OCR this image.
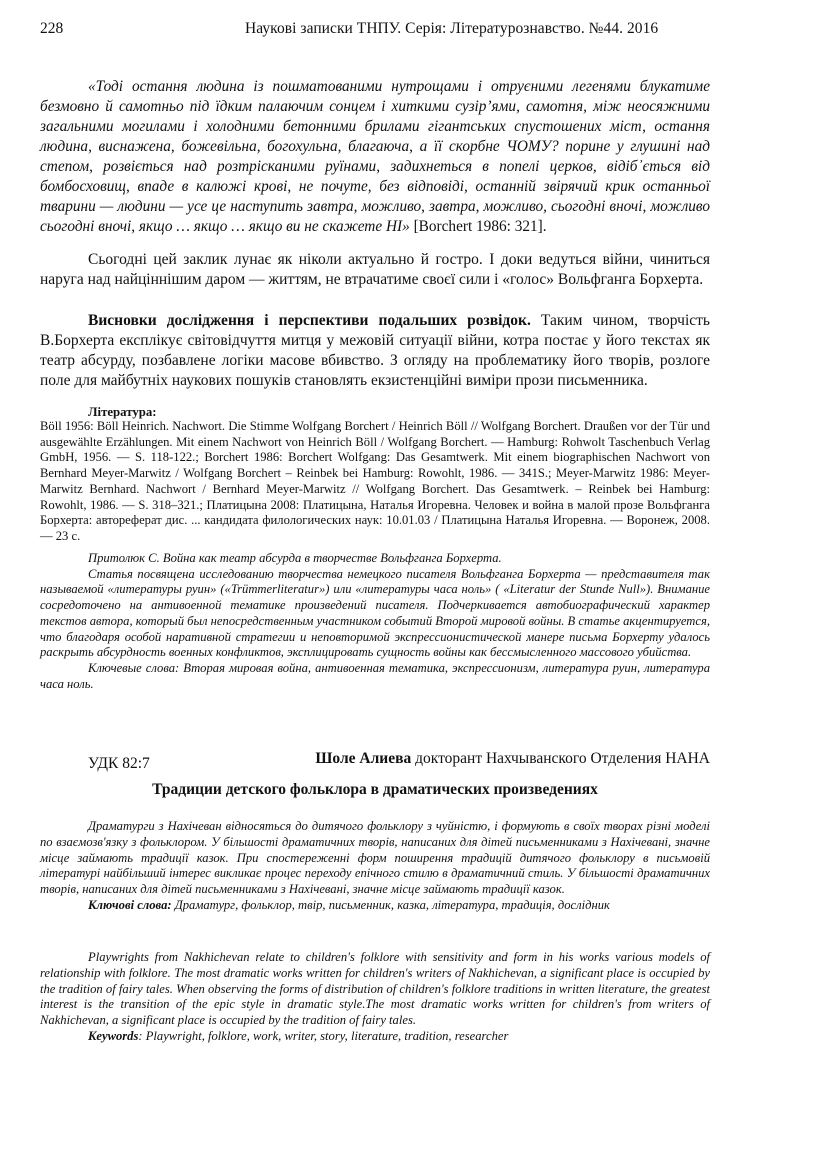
228	Наукові записки ТНПУ. Серія: Літературознавство. №44. 2016

«Тоді остання людина із пошматованими нутрощами і отруєними легенями блукатиме безмовно й самотньо під їдким палаючим сонцем і хиткими сузір’ями, самотня, між неосяжними загальними могилами і холодними бетонними брилами гігантських спустошених міст, остання людина, виснажена, божевільна, богохульна, благаюча, а її скорбне ЧОМУ? порине у глушині над степом, розвіється над розтрісканими руїнами, задихнеться в попелі церков, відіб᾽ється від бомбосховищ, впаде в калюжі крові, не почуте, без відповіді, останній звірячий крик останньої тварини — людини — усе це наступить завтра, можливо, завтра, можливо, сьогодні вночі, можливо сьогодні вночі, якщо … якщо … якщо ви не скажете НІ» [Borchert 1986: 321].

Сьогодні цей заклик лунає як ніколи актуально й гостро. І доки ведуться війни, чиниться наруга над найціннішим даром — життям, не втрачатиме своєї сили і «голос» Вольфганга Борхерта.

Висновки дослідження і перспективи подальших розвідок. Таким чином, творчість В.Борхерта експлікує світовідчуття митця у межовій ситуації війни, котра постає у його текстах як театр абсурду, позбавлене логіки масове вбивство. З огляду на проблематику його творів, розлоге поле для майбутніх наукових пошуків становлять екзистенційні виміри прози письменника.

Література:

Böll 1956: Böll Heinrich. Nachwort. Die Stimme Wolfgang Borchert / Heinrich Böll // Wolfgang Borchert. Draußen vor der Tür und ausgewählte Erzählungen. Mit einem Nachwort von Heinrich Böll / Wolfgang Borchert. — Hamburg: Rohwolt Taschenbuch Verlag GmbH, 1956. — S. 118-122.; Borchert 1986: Borchert Wolfgang: Das Gesamtwerk. Mit einem biographischen Nachwort von Bernhard Meyer-Marwitz / Wolfgang Borchert – Reinbek bei Hamburg: Rowohlt, 1986. — 341S.; Meyer-Marwitz 1986: Meyer-Marwitz Bernhard. Nachwort / Bernhard Meyer-Marwitz // Wolfgang Borchert. Das Gesamtwerk. – Reinbek bei Hamburg: Rowohlt, 1986. — S. 318–321.; Платицына 2008: Платицына, Наталья Игоревна. Человек и война в малой прозе Вольфганга Борхерта: автореферат дис. ... кандидата филологических наук: 10.01.03 / Платицына Наталья Игоревна. — Воронеж, 2008. — 23 с.

Притолюк С. Война как театр абсурда в творчестве Вольфганга Борхерта.

Статья посвящена исследованию творчества немецкого писателя Вольфганга Борхерта — представителя так называемой «литературы руин» («Trümmerliteratur») или «литературы часа ноль» ( «Literatur der Stunde Null»). Внимание сосредоточено на антивоенной тематике произведений писателя. Подчеркивается автобиографический характер текстов автора, который был непосредственным участником событий Второй мировой войны. В статье акцентируется, что благодаря особой наративной стратегии и неповторимой экспрессионистической манере письма Борхерту удалось раскрыть абсурдность военных конфликтов, эксплицировать сущность войны как бессмысленного массового убийства.

Ключевые слова: Вторая мировая война, антивоенная тематика, экспрессионизм, литература руин, литература часа ноль.

УДК 82:7	Шоле Алиева докторант Нахчыванского Отделения НАНА
Традиции детского фольклора в драматических произведениях

Драматурги з Нахічеван відносяться до дитячого фольклору з чуйністю, і формують в своїх творах різні моделі по взаємозв'язку з фольклором. У більшості драматичних творів, написаних для дітей письменниками з Нахічевані, значне місце займають традиції казок. При спостереженні форм поширення традицій дитячого фольклору в письмовій літературі найбільший інтерес викликає процес переходу епічного стилю в драматичний стиль. У більшості драматичних творів, написаних для дітей письменниками з Нахічевані, значне місце займають традиції казок.

Ключові слова: Драматург, фольклор, твір, письменник, казка, література, традиція, дослідник

Playwrights from Nakhichevan relate to children's folklore with sensitivity and form in his works various models of relationship with folklore. The most dramatic works written for children's writers of Nakhichevan, a significant place is occupied by the tradition of fairy tales. When observing the forms of distribution of children's folklore traditions in written literature, the greatest interest is the transition of the epic style in dramatic style.The most dramatic works written for children's from writers of Nakhichevan, a significant place is occupied by the tradition of fairy tales.

Keywords: Playwright, folklore, work, writer, story, literature, tradition, researcher
